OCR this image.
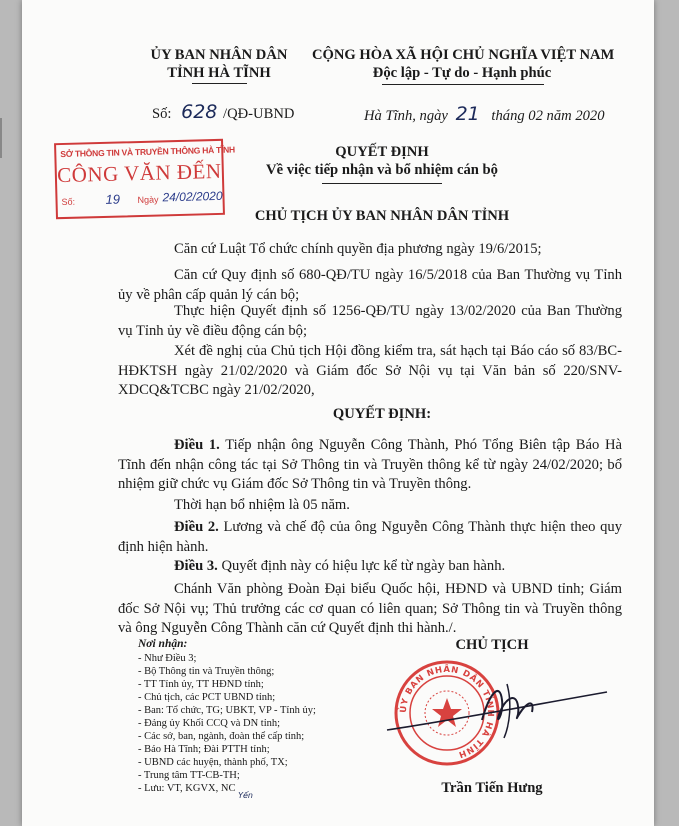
ỦY BAN NHÂN DÂN
TỈNH HÀ TĨNH
CỘNG HÒA XÃ HỘI CHỦ NGHĨA VIỆT NAM
Độc lập - Tự do - Hạnh phúc
Số: 628 /QĐ-UBND	Hà Tĩnh, ngày 21 tháng 02 năm 2020
SỞ THÔNG TIN VÀ TRUYỀN THÔNG HÀ TĨNH
CÔNG VĂN ĐẾN
Số: 19 Ngày 24/02/2020
QUYẾT ĐỊNH
Về việc tiếp nhận và bổ nhiệm cán bộ
CHỦ TỊCH ỦY BAN NHÂN DÂN TỈNH
Căn cứ Luật Tổ chức chính quyền địa phương ngày 19/6/2015;
Căn cứ Quy định số 680-QĐ/TU ngày 16/5/2018 của Ban Thường vụ Tỉnh ủy về phân cấp quản lý cán bộ;
Thực hiện Quyết định số 1256-QĐ/TU ngày 13/02/2020 của Ban Thường vụ Tỉnh ủy về điều động cán bộ;
Xét đề nghị của Chủ tịch Hội đồng kiểm tra, sát hạch tại Báo cáo số 83/BC-HĐKTSH ngày 21/02/2020 và Giám đốc Sở Nội vụ tại Văn bản số 220/SNV-XDCQ&TCBC ngày 21/02/2020,
QUYẾT ĐỊNH:
Điều 1. Tiếp nhận ông Nguyễn Công Thành, Phó Tổng Biên tập Báo Hà Tĩnh đến nhận công tác tại Sở Thông tin và Truyền thông kể từ ngày 24/02/2020; bổ nhiệm giữ chức vụ Giám đốc Sở Thông tin và Truyền thông.
Thời hạn bổ nhiệm là 05 năm.
Điều 2. Lương và chế độ của ông Nguyễn Công Thành thực hiện theo quy định hiện hành.
Điều 3. Quyết định này có hiệu lực kể từ ngày ban hành.
Chánh Văn phòng Đoàn Đại biểu Quốc hội, HĐND và UBND tỉnh; Giám đốc Sở Nội vụ; Thủ trưởng các cơ quan có liên quan; Sở Thông tin và Truyền thông và ông Nguyễn Công Thành căn cứ Quyết định thi hành./.
Nơi nhận:
- Như Điều 3;
- Bộ Thông tin và Truyền thông;
- TT Tỉnh ủy, TT HĐND tỉnh;
- Chủ tịch, các PCT UBND tỉnh;
- Ban: Tổ chức, TG; UBKT, VP - Tỉnh ủy;
- Đảng ủy Khối CCQ và DN tỉnh;
- Các sở, ban, ngành, đoàn thể cấp tỉnh;
- Báo Hà Tĩnh; Đài PTTH tỉnh;
- UBND các huyện, thành phố, TX;
- Trung tâm TT-CB-TH;
- Lưu: VT, KGVX, NC $_{Yến}$
CHỦ TỊCH
ỦY BAN NHÂN DÂN TỈNH HÀ TĨNH
Trần Tiến Hưng
